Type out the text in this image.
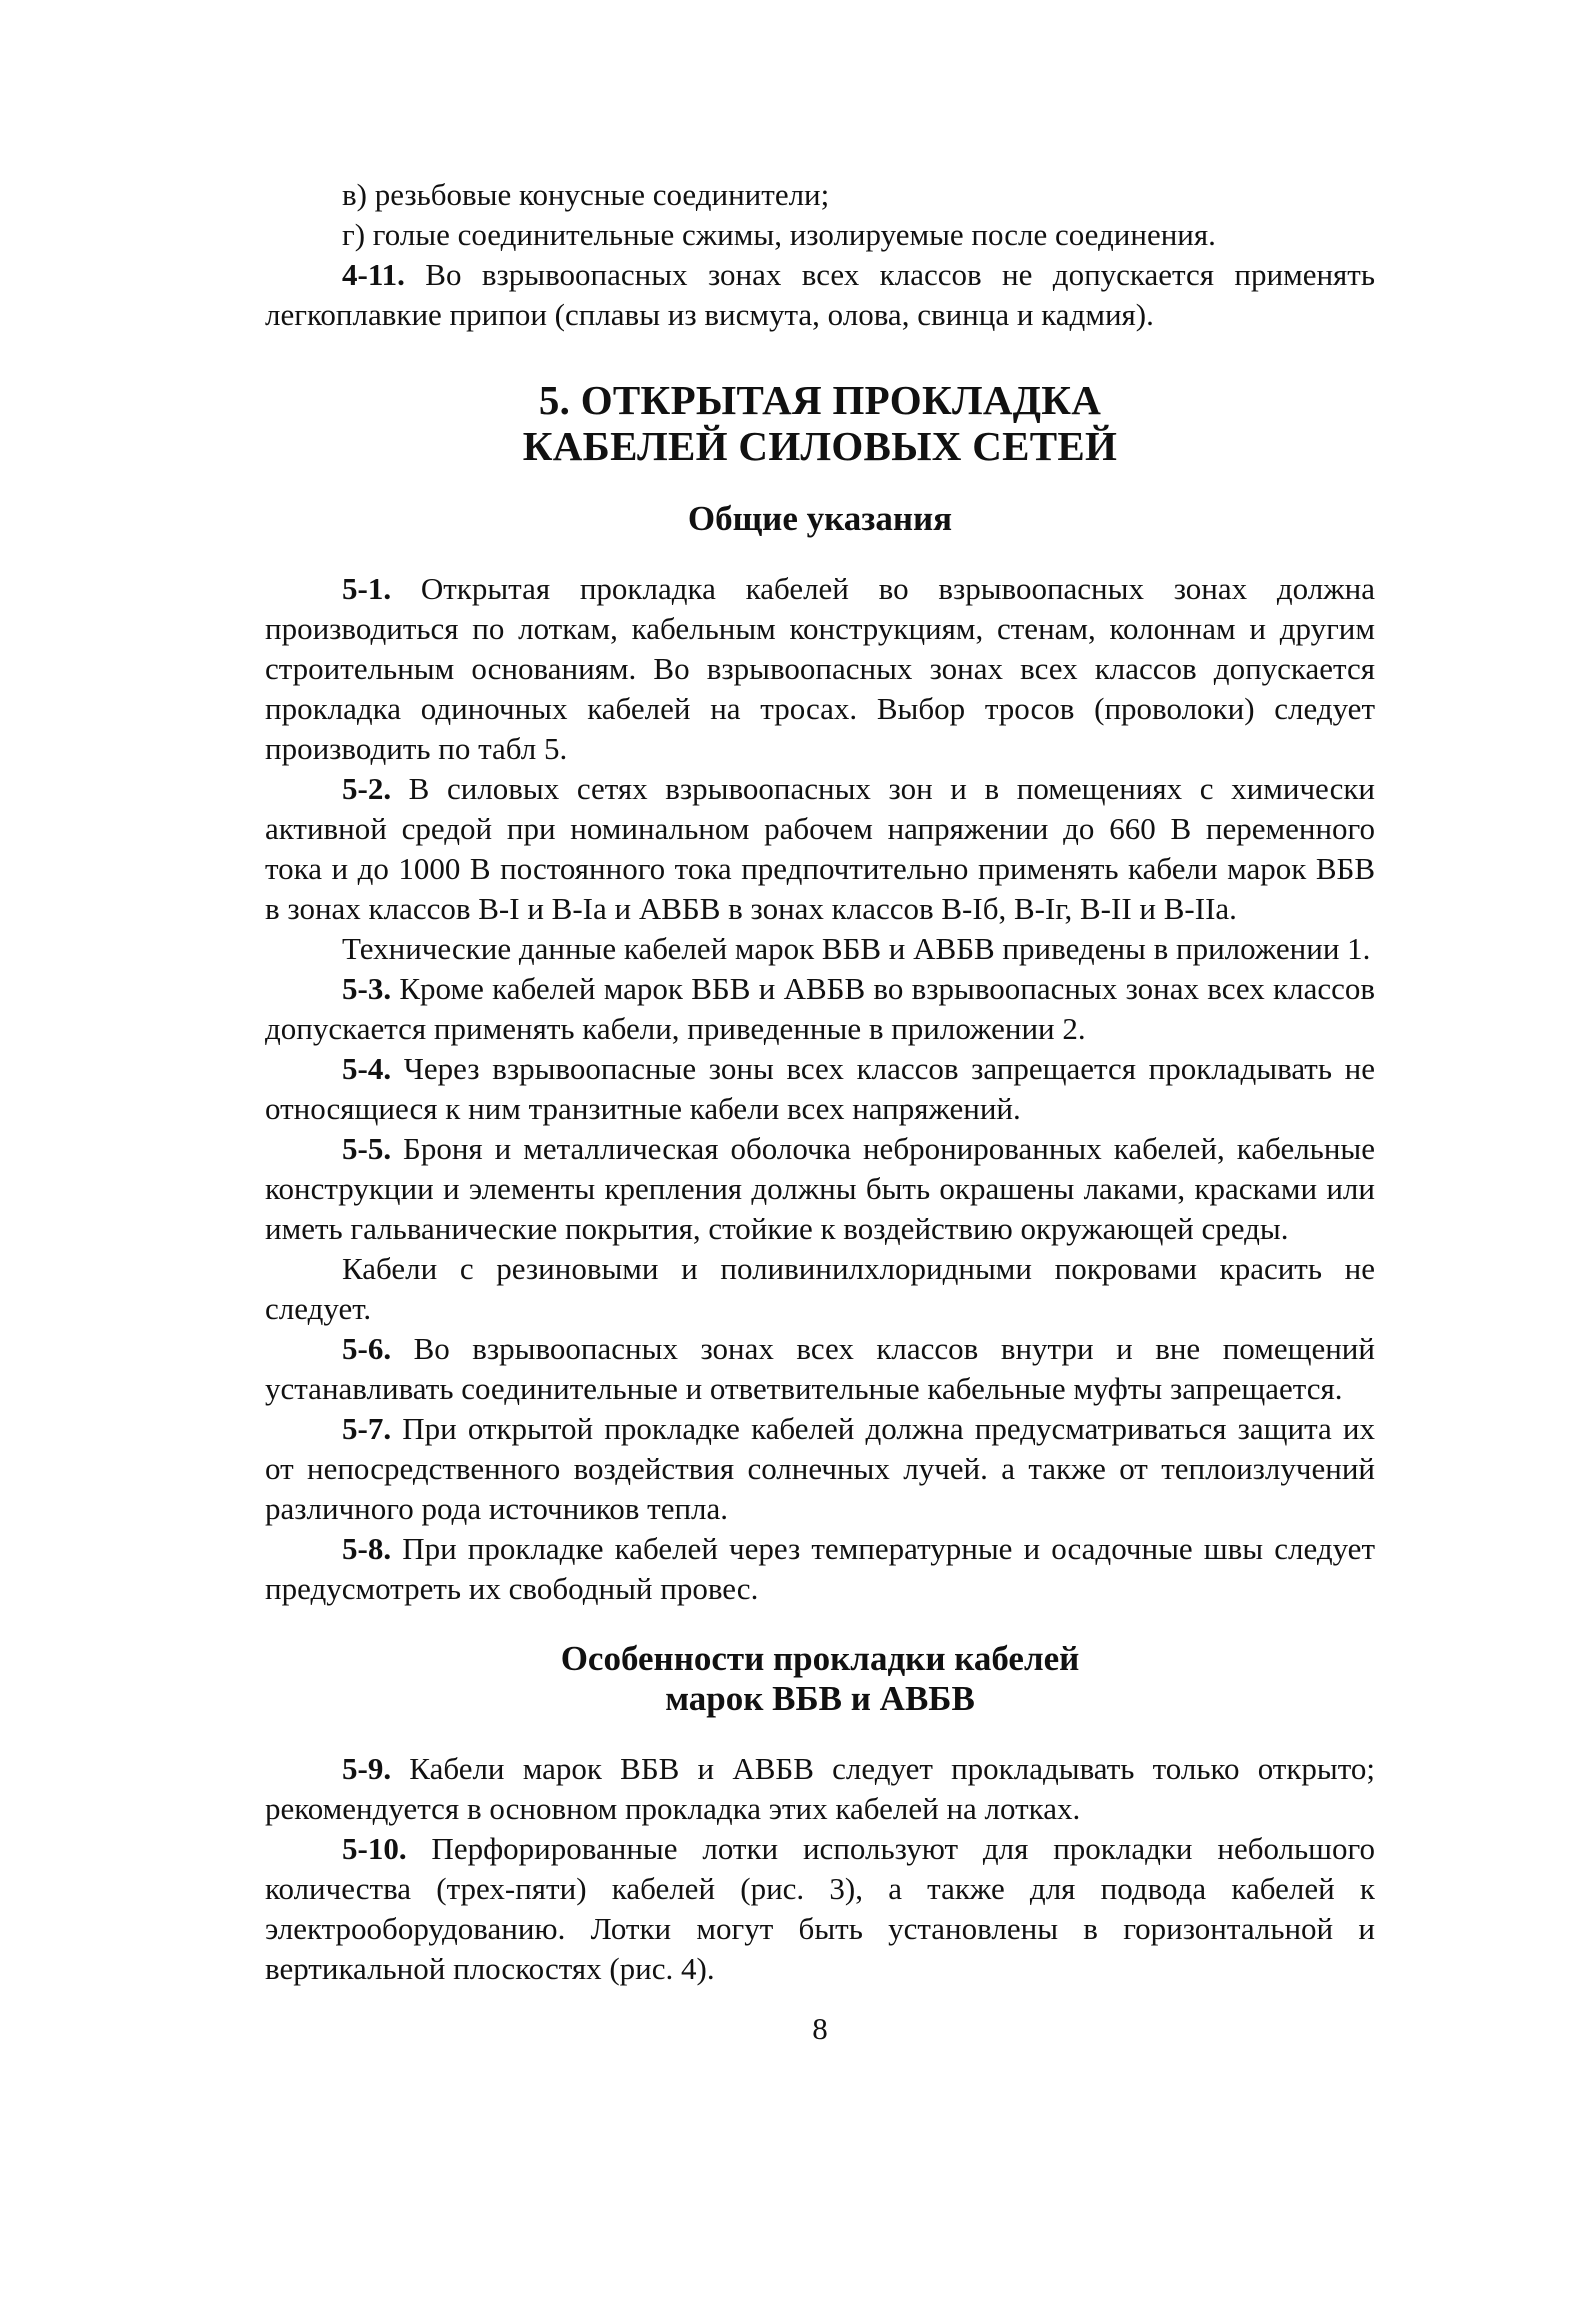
в) резьбовые конусные соединители;

г) голые соединительные сжимы, изолируемые после соединения.

4-11. Во взрывоопасных зонах всех классов не допускается применять легкоплавкие припои (сплавы из висмута, олова, свинца и кадмия).

5. ОТКРЫТАЯ ПРОКЛАДКА
КАБЕЛЕЙ СИЛОВЫХ СЕТЕЙ
Общие указания

5-1. Открытая прокладка кабелей во взрывоопасных зонах должна производиться по лоткам, кабельным конструкциям, стенам, колоннам и другим строительным основаниям. Во взрывоопасных зонах всех классов допускается прокладка одиночных кабелей на тросах. Выбор тросов (проволоки) следует производить по табл 5.

5-2. В силовых сетях взрывоопасных зон и в помещениях с химически активной средой при номинальном рабочем напряжении до 660 В переменного тока и до 1000 В постоянного тока предпочтительно применять кабели марок ВБВ в зонах классов В-I и В-Iа и АВБВ в зонах классов В-Iб, В-Iг, В-II и В-IIа.

Технические данные кабелей марок ВБВ и АВБВ приведены в приложении 1.

5-3. Кроме кабелей марок ВБВ и АВБВ во взрывоопасных зонах всех классов допускается применять кабели, приведенные в приложении 2.

5-4. Через взрывоопасные зоны всех классов запрещается прокладывать не относящиеся к ним транзитные кабели всех напряжений.

5-5. Броня и металлическая оболочка небронированных кабелей, кабельные конструкции и элементы крепления должны быть окрашены лаками, красками или иметь гальванические покрытия, стойкие к воздействию окружающей среды.

Кабели с резиновыми и поливинилхлоридными покровами красить не следует.

5-6. Во взрывоопасных зонах всех классов внутри и вне помещений устанавливать соединительные и ответвительные кабельные муфты запрещается.

5-7. При открытой прокладке кабелей должна предусматриваться защита их от непосредственного воздействия солнечных лучей. а также от теплоизлучений различного рода источников тепла.

5-8. При прокладке кабелей через температурные и осадочные швы следует предусмотреть их свободный провес.

Особенности прокладки кабелей
марок ВБВ и АВБВ

5-9. Кабели марок ВБВ и АВБВ следует прокладывать только открыто; рекомендуется в основном прокладка этих кабелей на лотках.

5-10. Перфорированные лотки используют для прокладки небольшого количества (трех-пяти) кабелей (рис. 3), а также для подвода кабелей к электрооборудованию. Лотки могут быть установлены в горизонтальной и вертикальной плоскостях (рис. 4).

8
